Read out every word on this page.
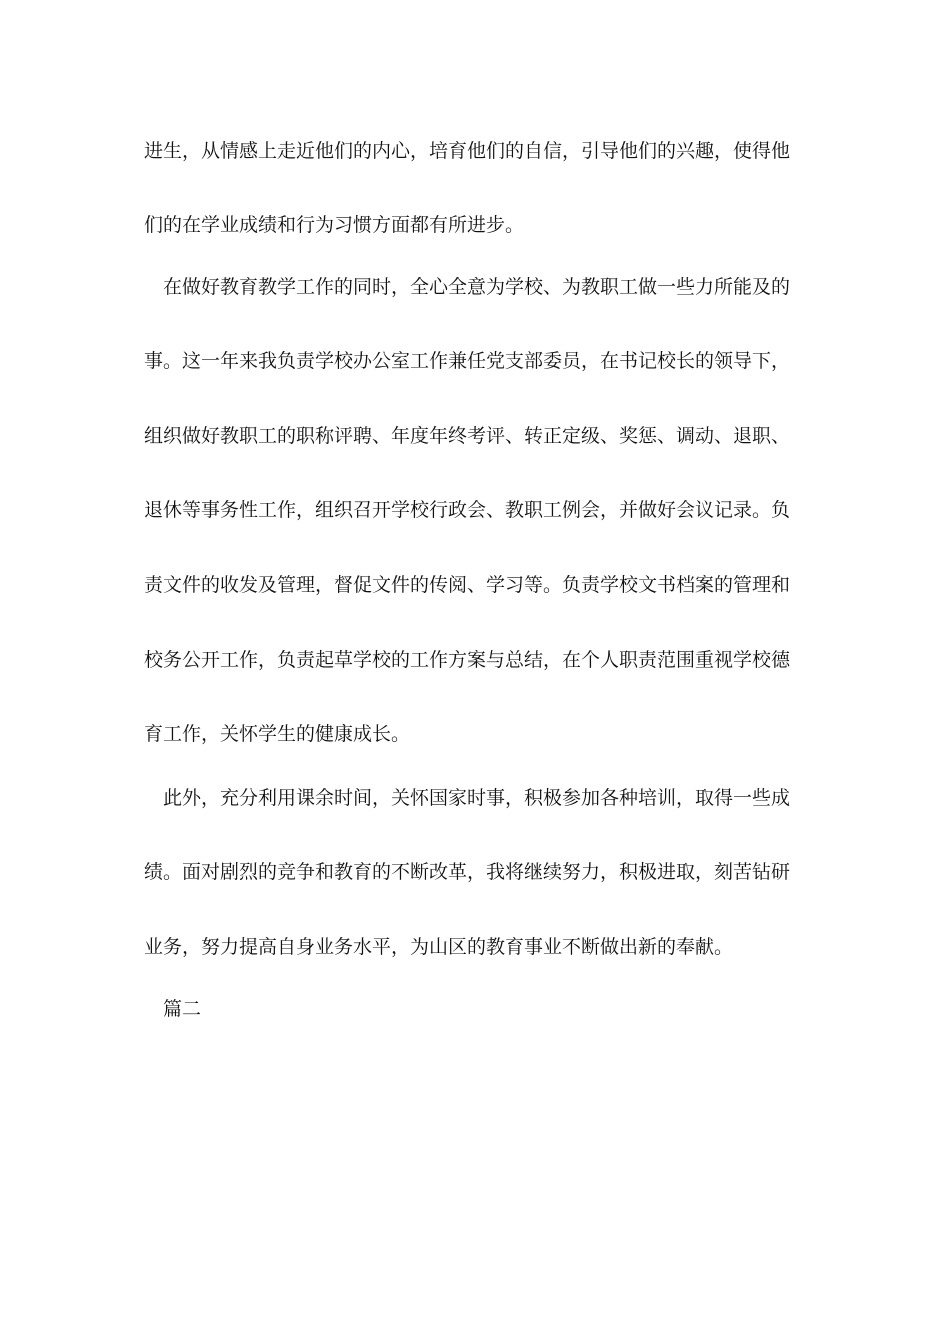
进生，从情感上走近他们的内心，培育他们的自信，引导他们的兴趣，使得他
们的在学业成绩和行为习惯方面都有所进步。
在做好教育教学工作的同时，全心全意为学校、为教职工做一些力所能及的
事。这一年来我负责学校办公室工作兼任党支部委员，在书记校长的领导下，
组织做好教职工的职称评聘、年度年终考评、转正定级、奖惩、调动、退职、
退休等事务性工作，组织召开学校行政会、教职工例会，并做好会议记录。负
责文件的收发及管理，督促文件的传阅、学习等。负责学校文书档案的管理和
校务公开工作，负责起草学校的工作方案与总结，在个人职责范围重视学校德
育工作，关怀学生的健康成长。
此外，充分利用课余时间，关怀国家时事，积极参加各种培训，取得一些成
绩。面对剧烈的竞争和教育的不断改革，我将继续努力，积极进取，刻苦钻研
业务，努力提高自身业务水平，为山区的教育事业不断做出新的奉献。
篇二
